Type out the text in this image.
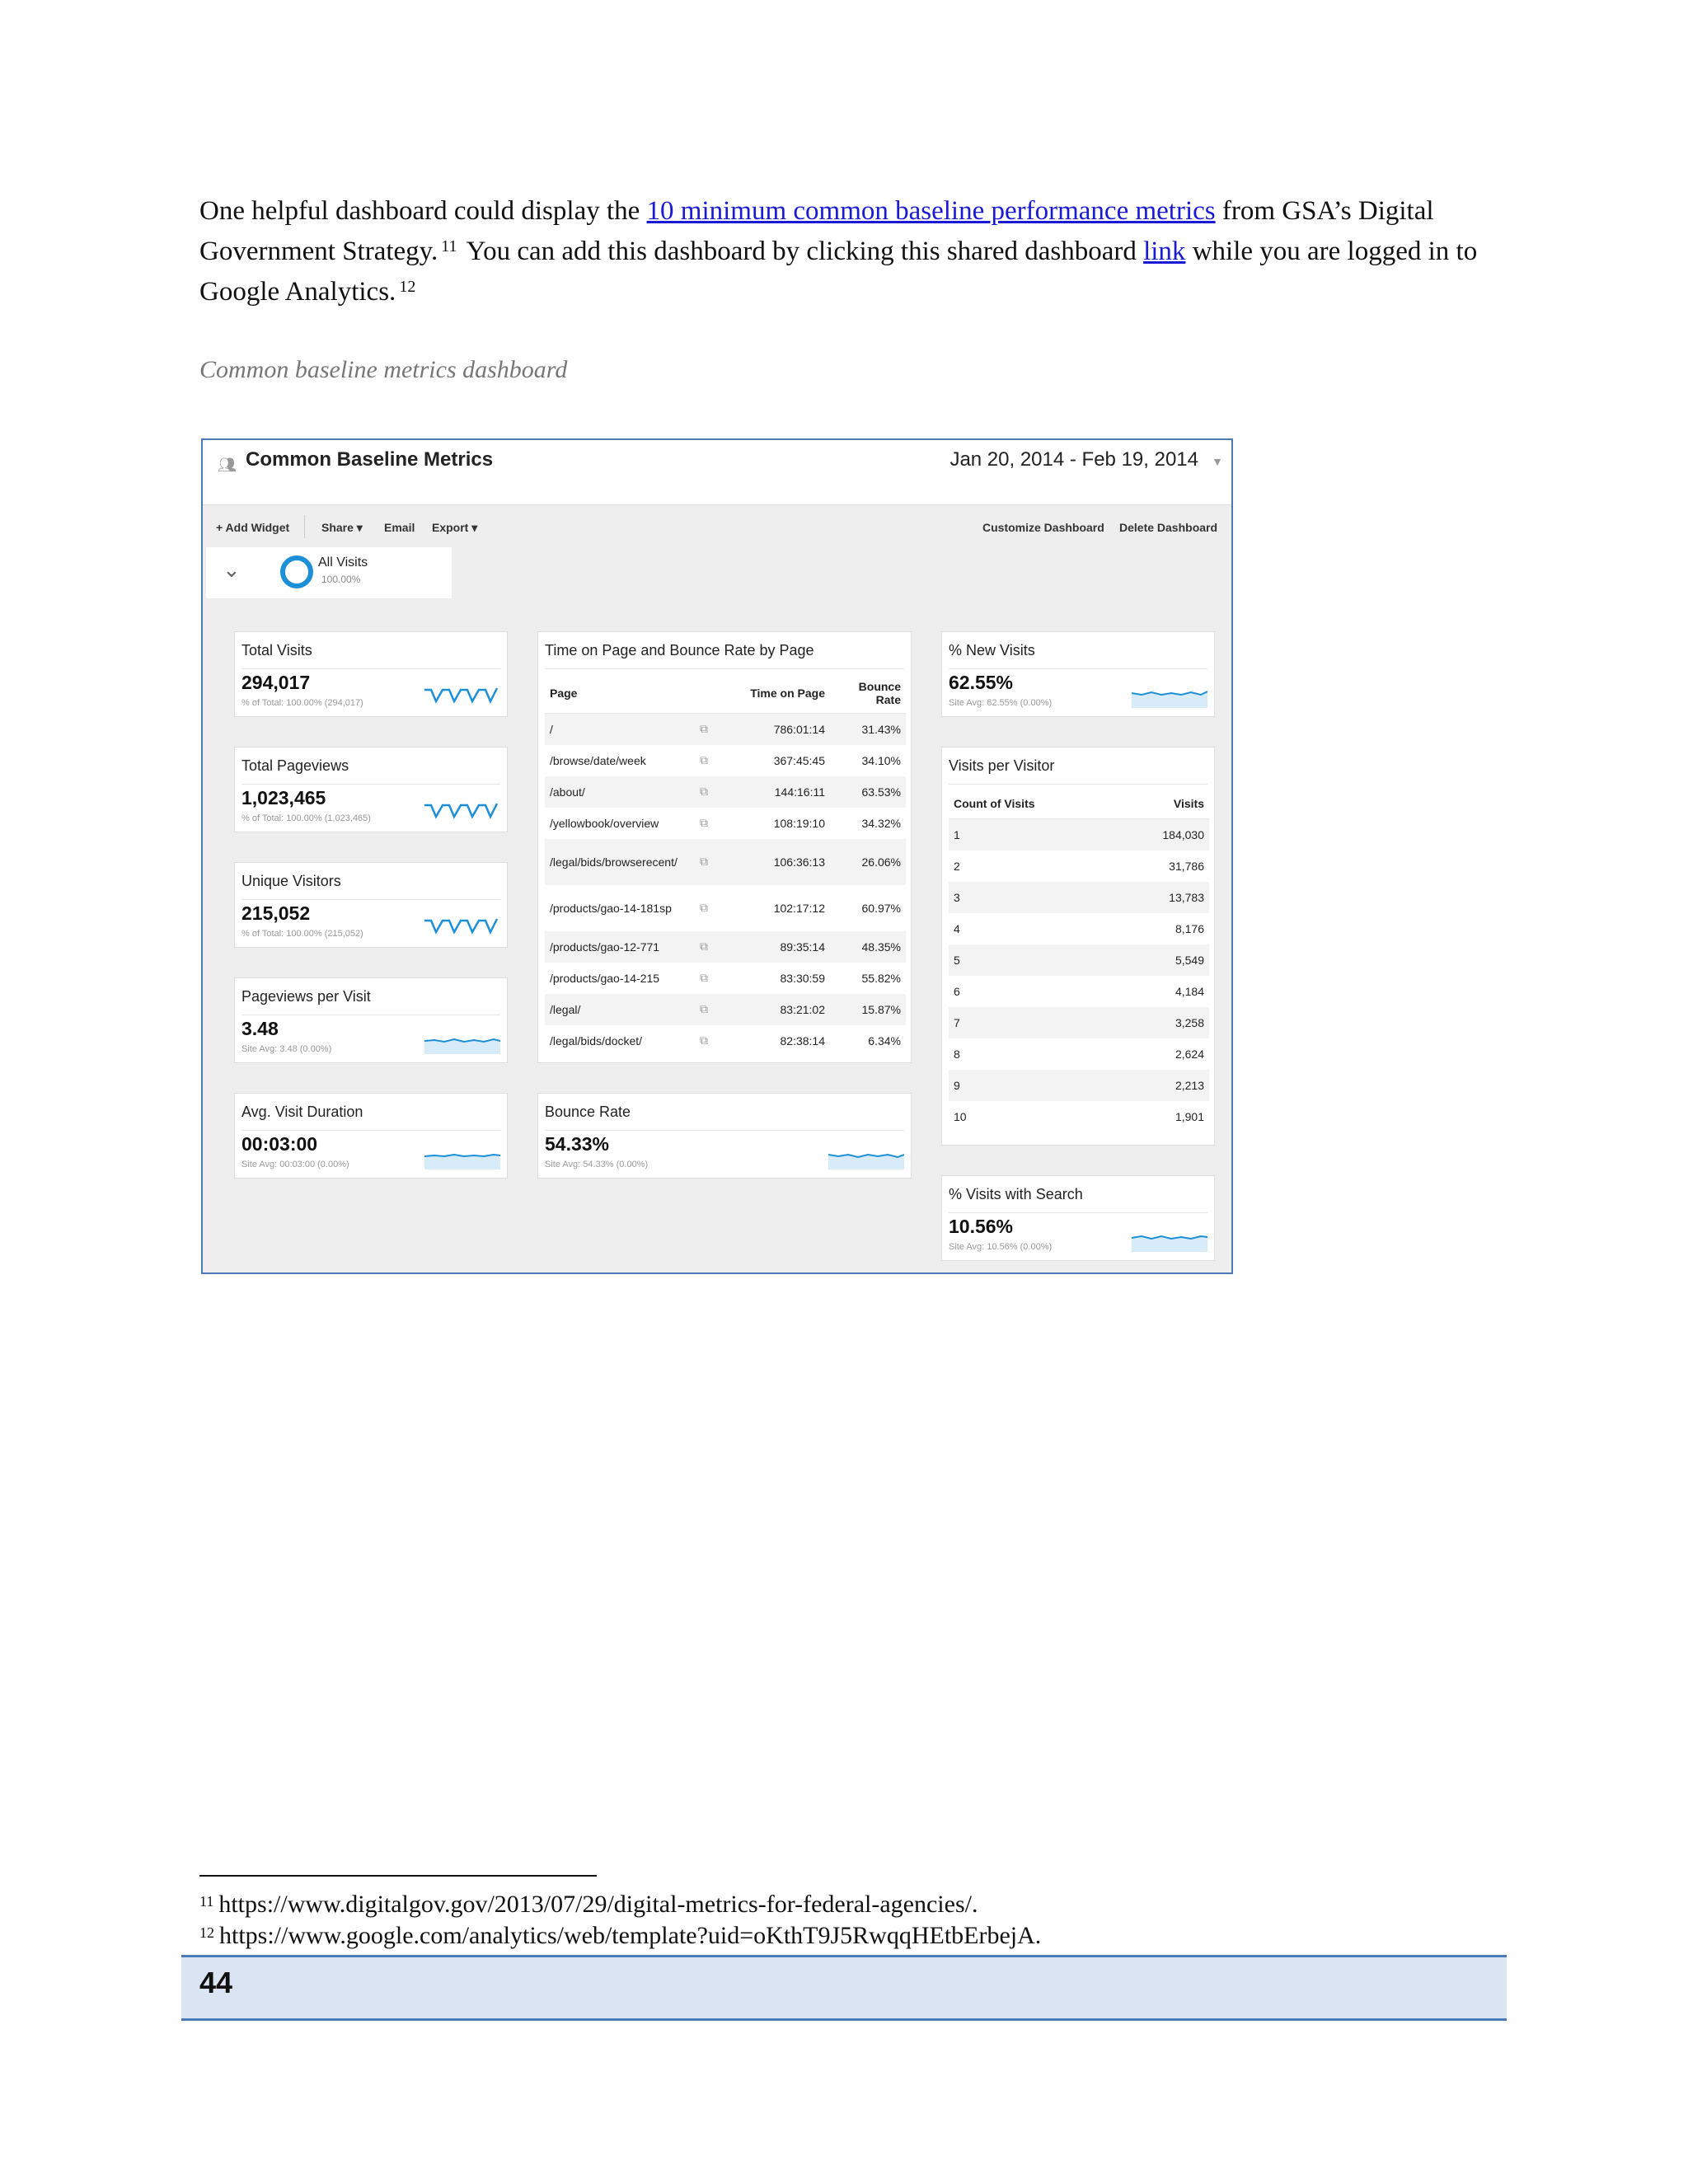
One helpful dashboard could display the 10 minimum common baseline performance metrics from GSA’s Digital Government Strategy. $^{11}$ You can add this dashboard by clicking this shared dashboard link while you are logged in to Google Analytics. $^{12}$
Common baseline metrics dashboard
👥︎ Common Baseline Metrics	Jan 20, 2014 - Feb 19, 2014 ▼
+ Add Widget	Share ▾ Email Export ▾	Customize Dashboard Delete Dashboard
⌄	All Visits
100.00%
Total Visits
294,017
% of Total: 100.00% (294,017)
Total Pageviews
1,023,465
% of Total: 100.00% (1,023,465)
Unique Visitors
215,052
% of Total: 100.00% (215,052)
Pageviews per Visit
3.48
Site Avg: 3.48 (0.00%)
Avg. Visit Duration
00:03:00
Site Avg: 00:03:00 (0.00%)
Time on Page and Bounce Rate by Page
Page		Time on Page	Bounce Rate
/	⧉	786:01:14	31.43%
/browse/date/week	⧉	367:45:45	34.10%
/about/	⧉	144:16:11	63.53%
/yellowbook/overview	⧉	108:19:10	34.32%
/legal/bids/browserecent/	⧉	106:36:13	26.06%
/products/gao-14-181sp	⧉	102:17:12	60.97%
/products/gao-12-771	⧉	89:35:14	48.35%
/products/gao-14-215	⧉	83:30:59	55.82%
/legal/	⧉	83:21:02	15.87%
/legal/bids/docket/	⧉	82:38:14	6.34%
Bounce Rate
54.33%
Site Avg: 54.33% (0.00%)
% New Visits
62.55%
Site Avg: 62.55% (0.00%)
Visits per Visitor
Count of Visits	Visits
1	184,030
2	31,786
3	13,783
4	8,176
5	5,549
6	4,184
7	3,258
8	2,624
9	2,213
10	1,901
% Visits with Search
10.56%
Site Avg: 10.56% (0.00%)
$^{11}$ https://www.digitalgov.gov/2013/07/29/digital-metrics-for-federal-agencies/.
$^{12}$ https://www.google.com/analytics/web/template?uid=oKthT9J5RwqqHEtbErbejA.
44
